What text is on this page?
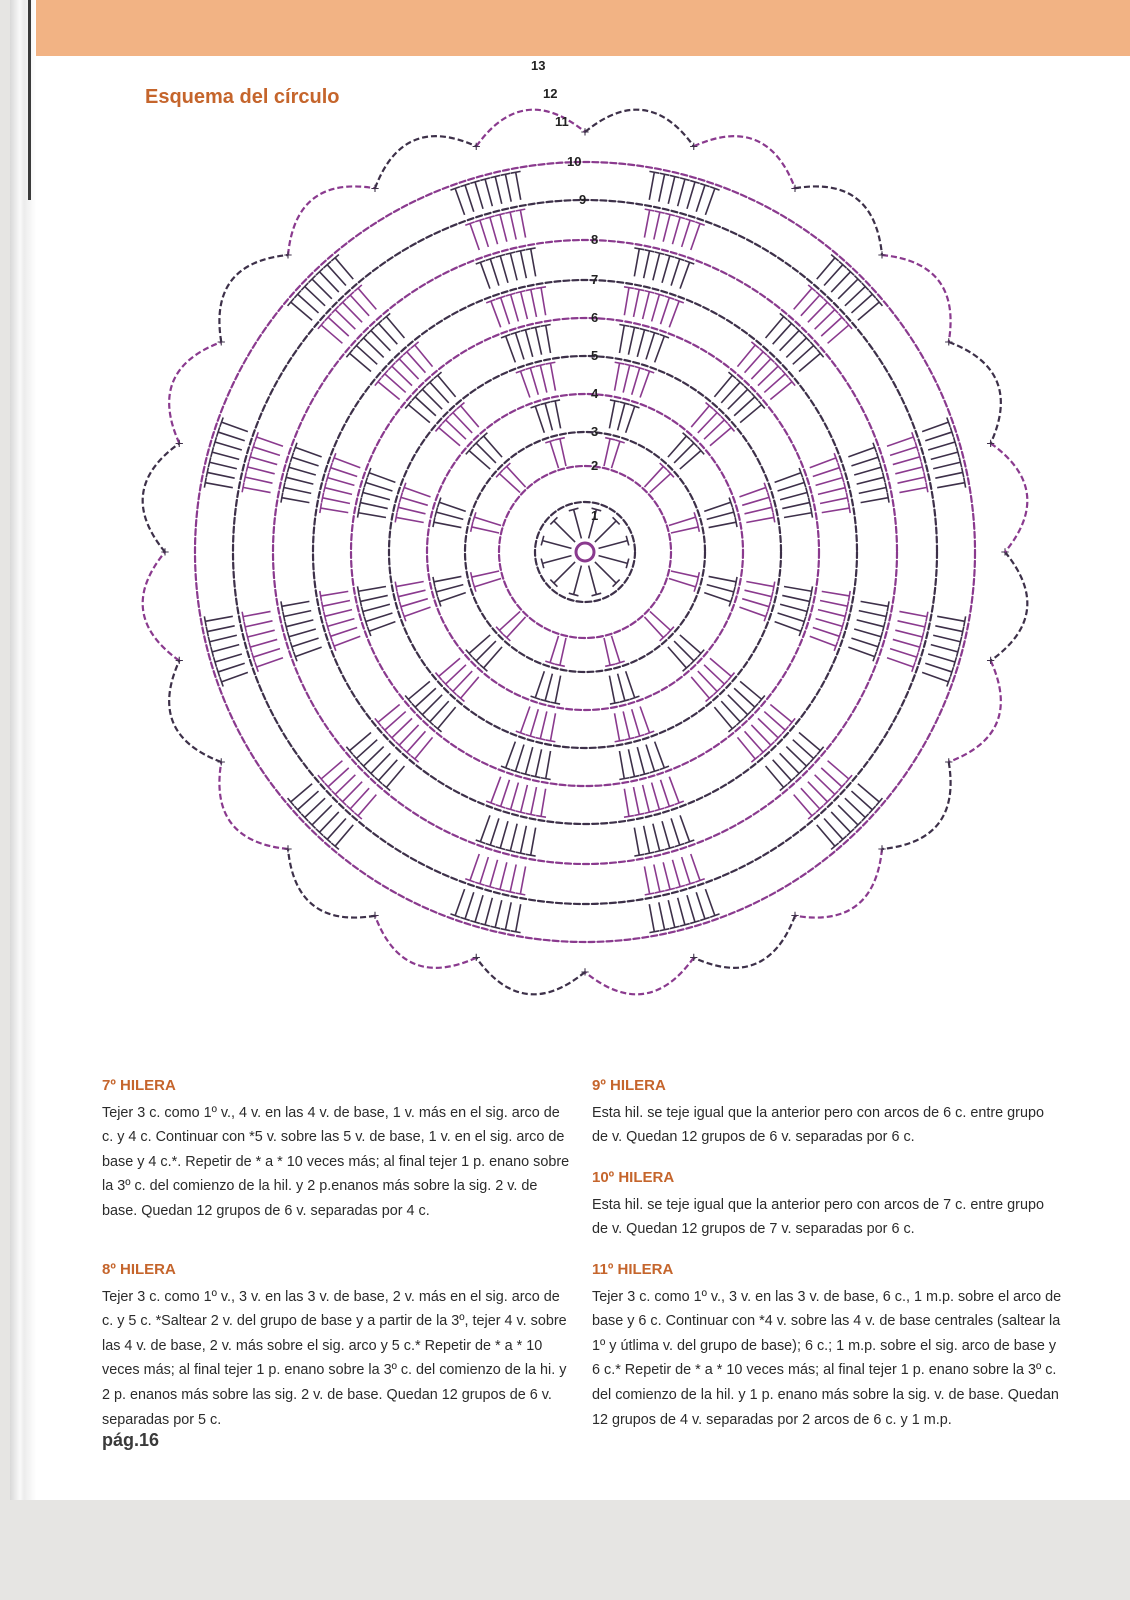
Esquema del círculo
+
+
+
+
+
+
+
+
+
+
+
+
+
+
+
+
+
+
+
+
+
+
+
+
1
2
3
4
5
6
7
8
9
10
11
12
13

7º HILERA

Tejer 3 c. como 1º v., 4 v. en las 4 v. de base, 1 v. más en el sig. arco de c. y 4 c. Continuar con *5 v. sobre las 5 v. de base, 1 v. en el sig. arco de base y 4 c.*. Repetir de * a * 10 veces más; al final tejer 1 p. enano sobre la 3º c. del comienzo de la hil. y 2 p.enanos más sobre la sig. 2 v. de base. Quedan 12 grupos de 6 v. separadas por 4 c.

8º HILERA

Tejer 3 c. como 1º v., 3 v. en las 3 v. de base, 2 v. más en el sig. arco de c. y 5 c. *Saltear 2 v. del grupo de base y a partir de la 3º, tejer 4 v. sobre las 4 v. de base, 2 v. más sobre el sig. arco y 5 c.* Repetir de * a * 10 veces más; al final tejer 1 p. enano sobre la 3º c. del comienzo de la hi. y 2 p. enanos más sobre las sig. 2 v. de base. Quedan 12 grupos de 6 v. separadas por 5 c.

9º HILERA

Esta hil. se teje igual que la anterior pero con arcos de 6 c. entre grupo de v. Quedan 12 grupos de 6 v. separadas por 6 c.

10º HILERA

Esta hil. se teje igual que la anterior pero con arcos de 7 c. entre grupo de v. Quedan 12 grupos de 7 v. separadas por 6 c.

11º HILERA

Tejer 3 c. como 1º v., 3 v. en las 3 v. de base, 6 c., 1 m.p. sobre el arco de base y 6 c. Continuar con *4 v. sobre las 4 v. de base centrales (saltear la 1º y útlima v. del grupo de base); 6 c.; 1 m.p. sobre el sig. arco de base y 6 c.* Repetir de * a * 10 veces más; al final tejer 1 p. enano sobre la 3º c. del comienzo de la hil. y 1 p. enano más sobre la sig. v. de base. Quedan 12 grupos de 4 v. separadas por 2 arcos de 6 c. y 1 m.p.

pág.16
